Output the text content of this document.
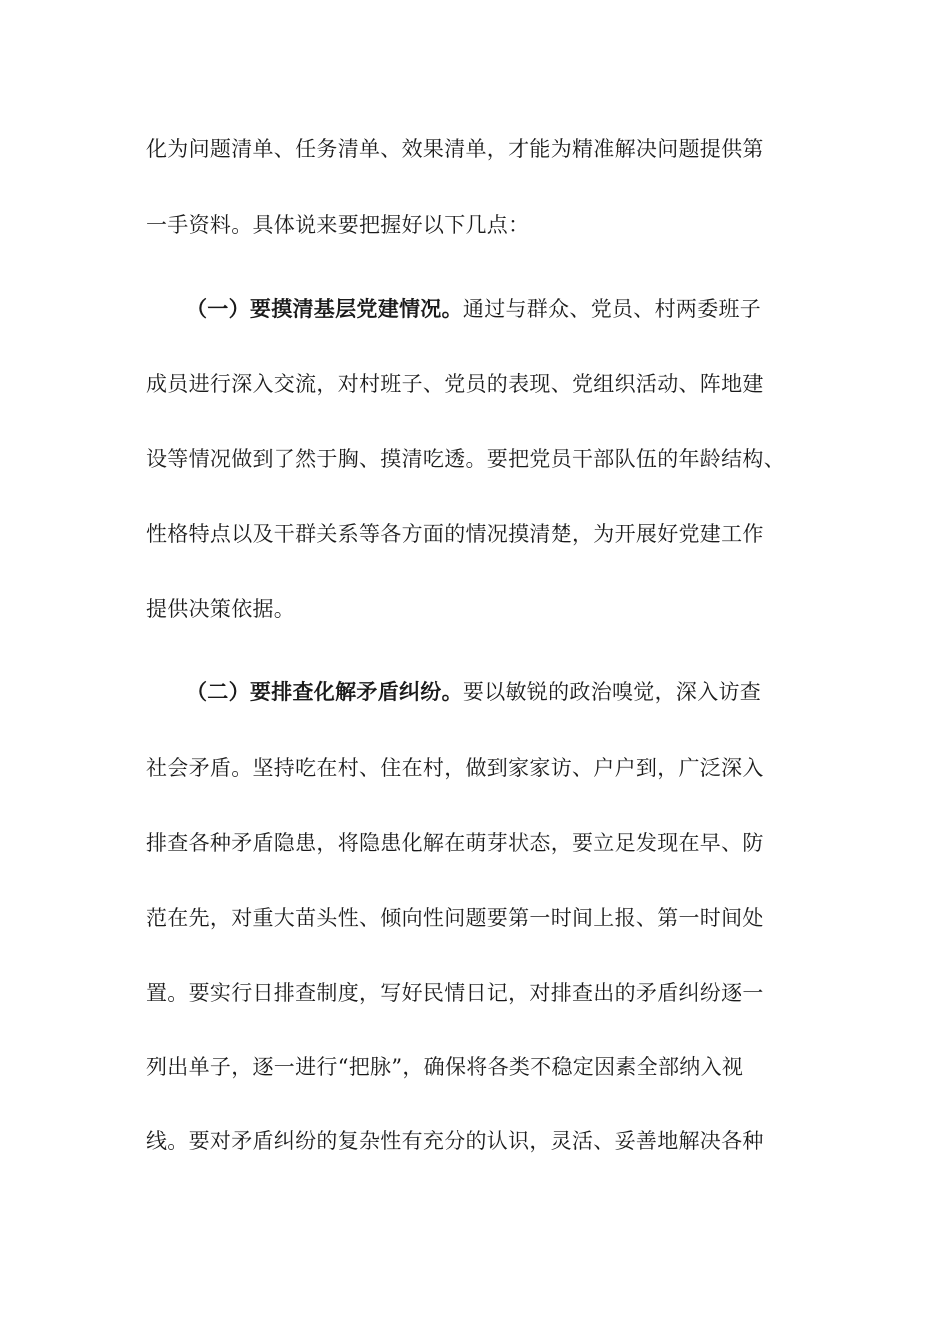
化为问题清单、任务清单、效果清单，才能为精准解决问题提供第
一手资料。具体说来要把握好以下几点：
（一）要摸清基层党建情况。通过与群众、党员、村两委班子
成员进行深入交流，对村班子、党员的表现、党组织活动、阵地建
设等情况做到了然于胸、摸清吃透。要把党员干部队伍的年龄结构、
性格特点以及干群关系等各方面的情况摸清楚，为开展好党建工作
提供决策依据。
（二）要排查化解矛盾纠纷。要以敏锐的政治嗅觉，深入访查
社会矛盾。坚持吃在村、住在村，做到家家访、户户到，广泛深入
排查各种矛盾隐患，将隐患化解在萌芽状态，要立足发现在早、防
范在先，对重大苗头性、倾向性问题要第一时间上报、第一时间处
置。要实行日排查制度，写好民情日记，对排查出的矛盾纠纷逐一
列出单子，逐一进行“把脉”，确保将各类不稳定因素全部纳入视
线。要对矛盾纠纷的复杂性有充分的认识，灵活、妥善地解决各种
